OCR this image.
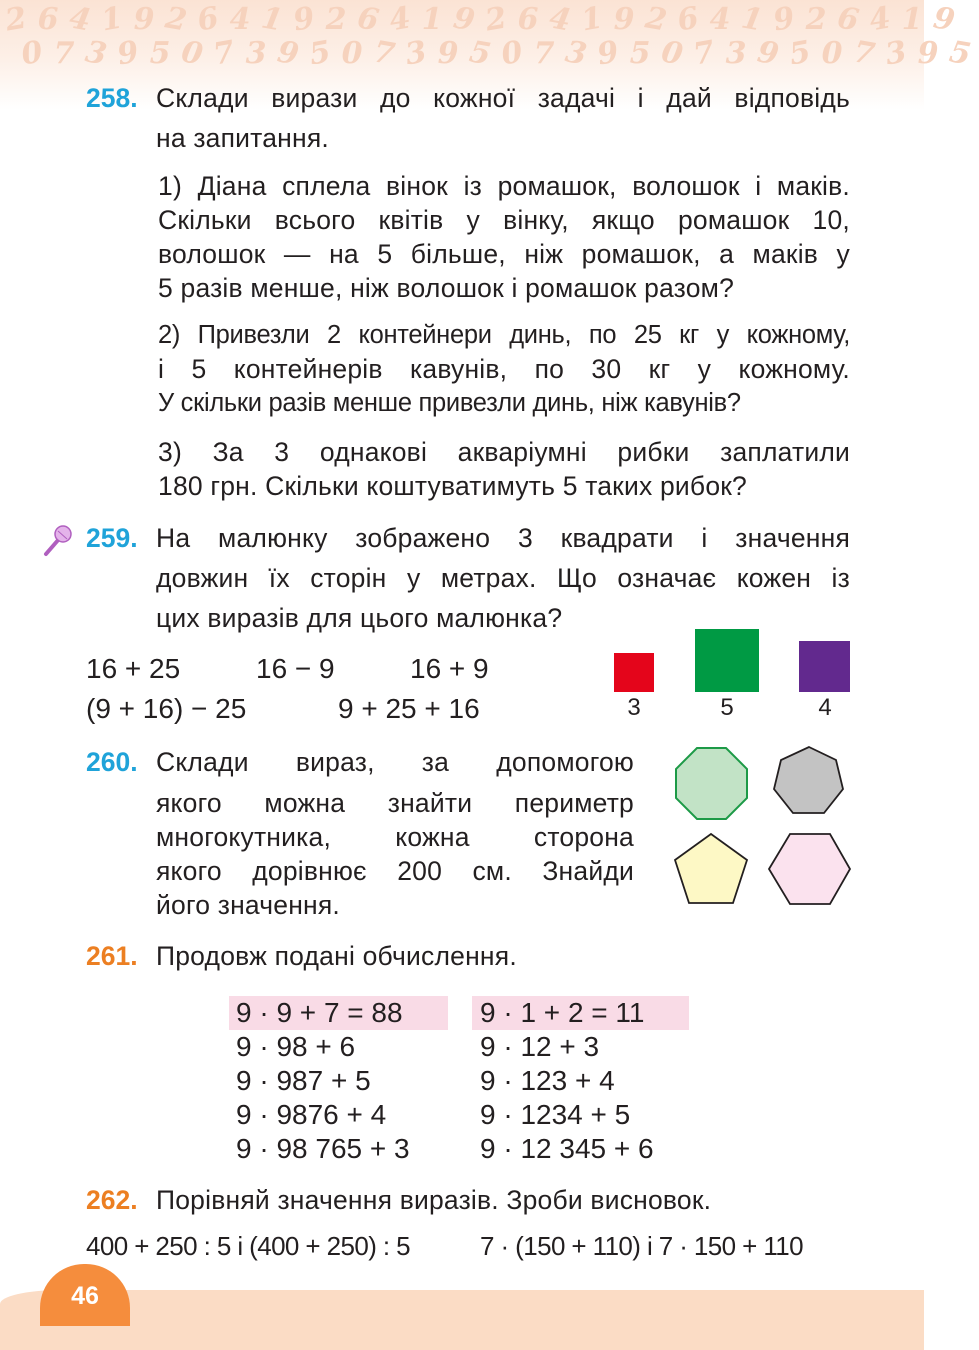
2 6 4 1 9 2 6 4 1 9 2 6 4 1 9 2 6 4 1 9 2 6 4 1 9 2 6 4 1 9
0 7 3 9 5 0 7 3 9 5 0 7 3 9 5 0 7 3 9 5 0 7 3 9 5 0 7 3 9 5
258. Склади вирази до кожної задачі і дай відповідь

на запитання.

1) Діана сплела вінок із ромашок, волошок і маків.

Скільки всього квітів у вінку, якщо ромашок 10,

волошок — на 5 більше, ніж ромашок, а маків у

5 разів менше, ніж волошок і ромашок разом?

2) Привезли 2 контейнери динь, по 25 кг у кожному,

і 5 контейнерів кавунів, по 30 кг у кожному.

У скільки разів менше привезли динь, ніж кавунів?

3) За 3 однакові акваріумні рибки заплатили

180 грн. Скільки коштуватимуть 5 таких рибок?

259. На малюнку зображено 3 квадрати і значення

довжин їх сторін у метрах. Що означає кожен із

цих виразів для цього малюнка?

16 + 25	16 − 9	16 + 9
(9 + 16) − 25	9 + 25 + 16	3	5	4
260. Склади вираз, за допомогою

якого можна знайти периметр

многокутника, кожна сторона

якого дорівнює 200 см. Знайди

його значення.

261. Продовж подані обчислення.

9 · 9 + 7 = 88
9 · 98 + 6
9 · 987 + 5
9 · 9876 + 4
9 · 98 765 + 3
9 · 1 + 2 = 11
9 · 12 + 3
9 · 123 + 4
9 · 1234 + 5
9 · 12 345 + 6
262. Порівняй значення виразів. Зроби висновок.

400 + 250 : 5 і (400 + 250) : 5	7 · (150 + 110) і 7 · 150 + 110
46
